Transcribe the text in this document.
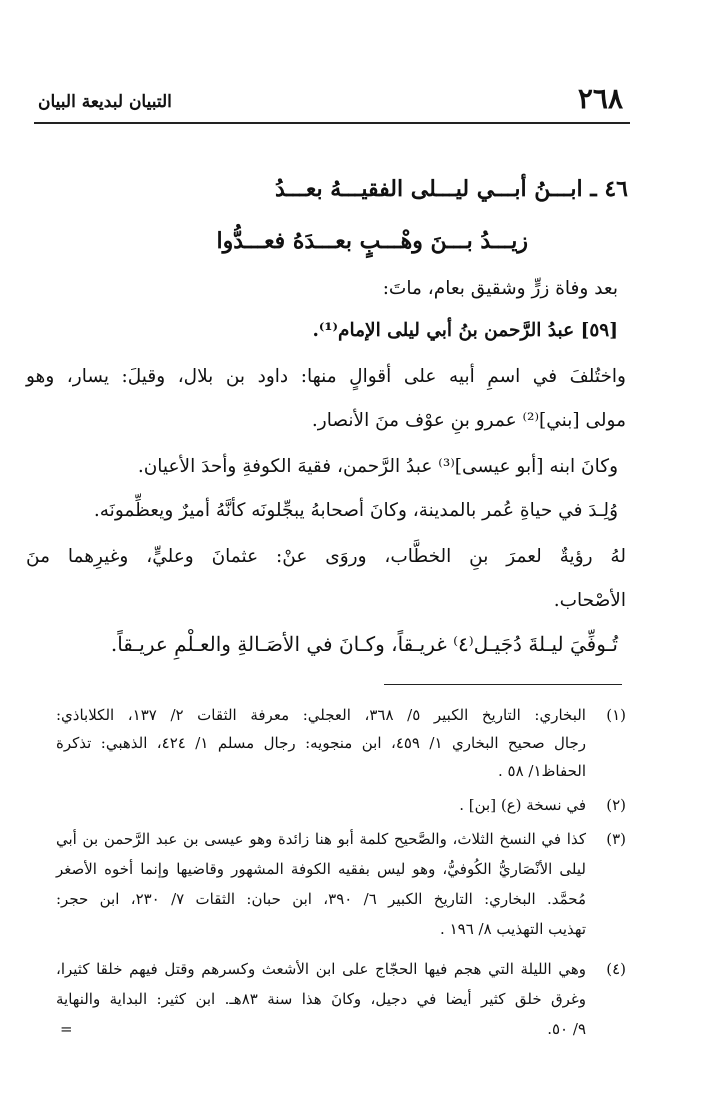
٢٦٨
التبيان لبديعة البيان
٤٦ ـ ابـــنُ أبـــي ليـــلى الفقيـــهُ بعـــدُ
زيـــدُ بـــنَ وهْـــبٍ بعـــدَهُ فعـــدُّوا
بعد وفاة زرٍّ وشقيق بعام، ماتَ:
[٥٩] عبدُ الرَّحمن بنُ أبي ليلى الإمام⁽¹⁾.
واختُلفَ في اسمِ أبيه على أقوالٍ منها: داود بن بلال، وقيلَ: يسار، وهو
مولى [بني]⁽²⁾ عمرو بنِ عوْف منَ الأنصار.
وكانَ ابنه [أبو عيسى]⁽³⁾ عبدُ الرَّحمن، فقيهَ الكوفةِ وأحدَ الأعيان.
وُلِـدَ في حياةِ عُمر بالمدينة، وكانَ أصحابهُ يبجِّلونَه كأنَّهُ أميرٌ ويعظِّمونَه.
لهُ رؤيةٌ لعمرَ بنِ الخطَّاب، وروَى عنْ: عثمانَ وعليٍّ، وغيرِهما منَ
الأصْحاب.
تُـوفِّيَ ليـلةَ دُجَيـل⁽٤⁾ غريـقاً، وكـانَ في الأصَـالةِ والعـلْمِ عريـقاً.
(١)
البخاري: التاريخ الكبير ٥/ ٣٦٨، العجلي: معرفة الثقات ٢/ ١٣٧، الكلاباذي:
رجال صحيح البخاري ١/ ٤٥٩، ابن منجويه: رجال مسلم ١/ ٤٢٤، الذهبي: تذكرة
الحفاظ١/ ٥٨ .
(٢)
في نسخة (ع) [بن] .
(٣)
كذا في النسخ الثلاث، والصَّحيح كلمة أبو هنا زائدة وهو عيسى بن عبد الرَّحمن بن أبي
ليلى الأنْصَاريُّ الكُوفيُّ، وهو ليس بفقيه الكوفة المشهور وقاضيها وإنما أخوه الأصغر
مُحمَّد. البخاري: التاريخ الكبير ٦/ ٣٩٠، ابن حبان: الثقات ٧/ ٢٣٠، ابن حجر:
تهذيب التهذيب ٨/ ١٩٦ .
(٤)
وهي الليلة التي هجم فيها الحجّاج على ابن الأشعث وكسرهم وقتل فيهم خلقا كثيرا،
وغرق خلق كثير أيضا في دجيل، وكانَ هذا سنة ٨٣هـ. ابن كثير: البداية والنهاية
٩/ ٥٠.
=
